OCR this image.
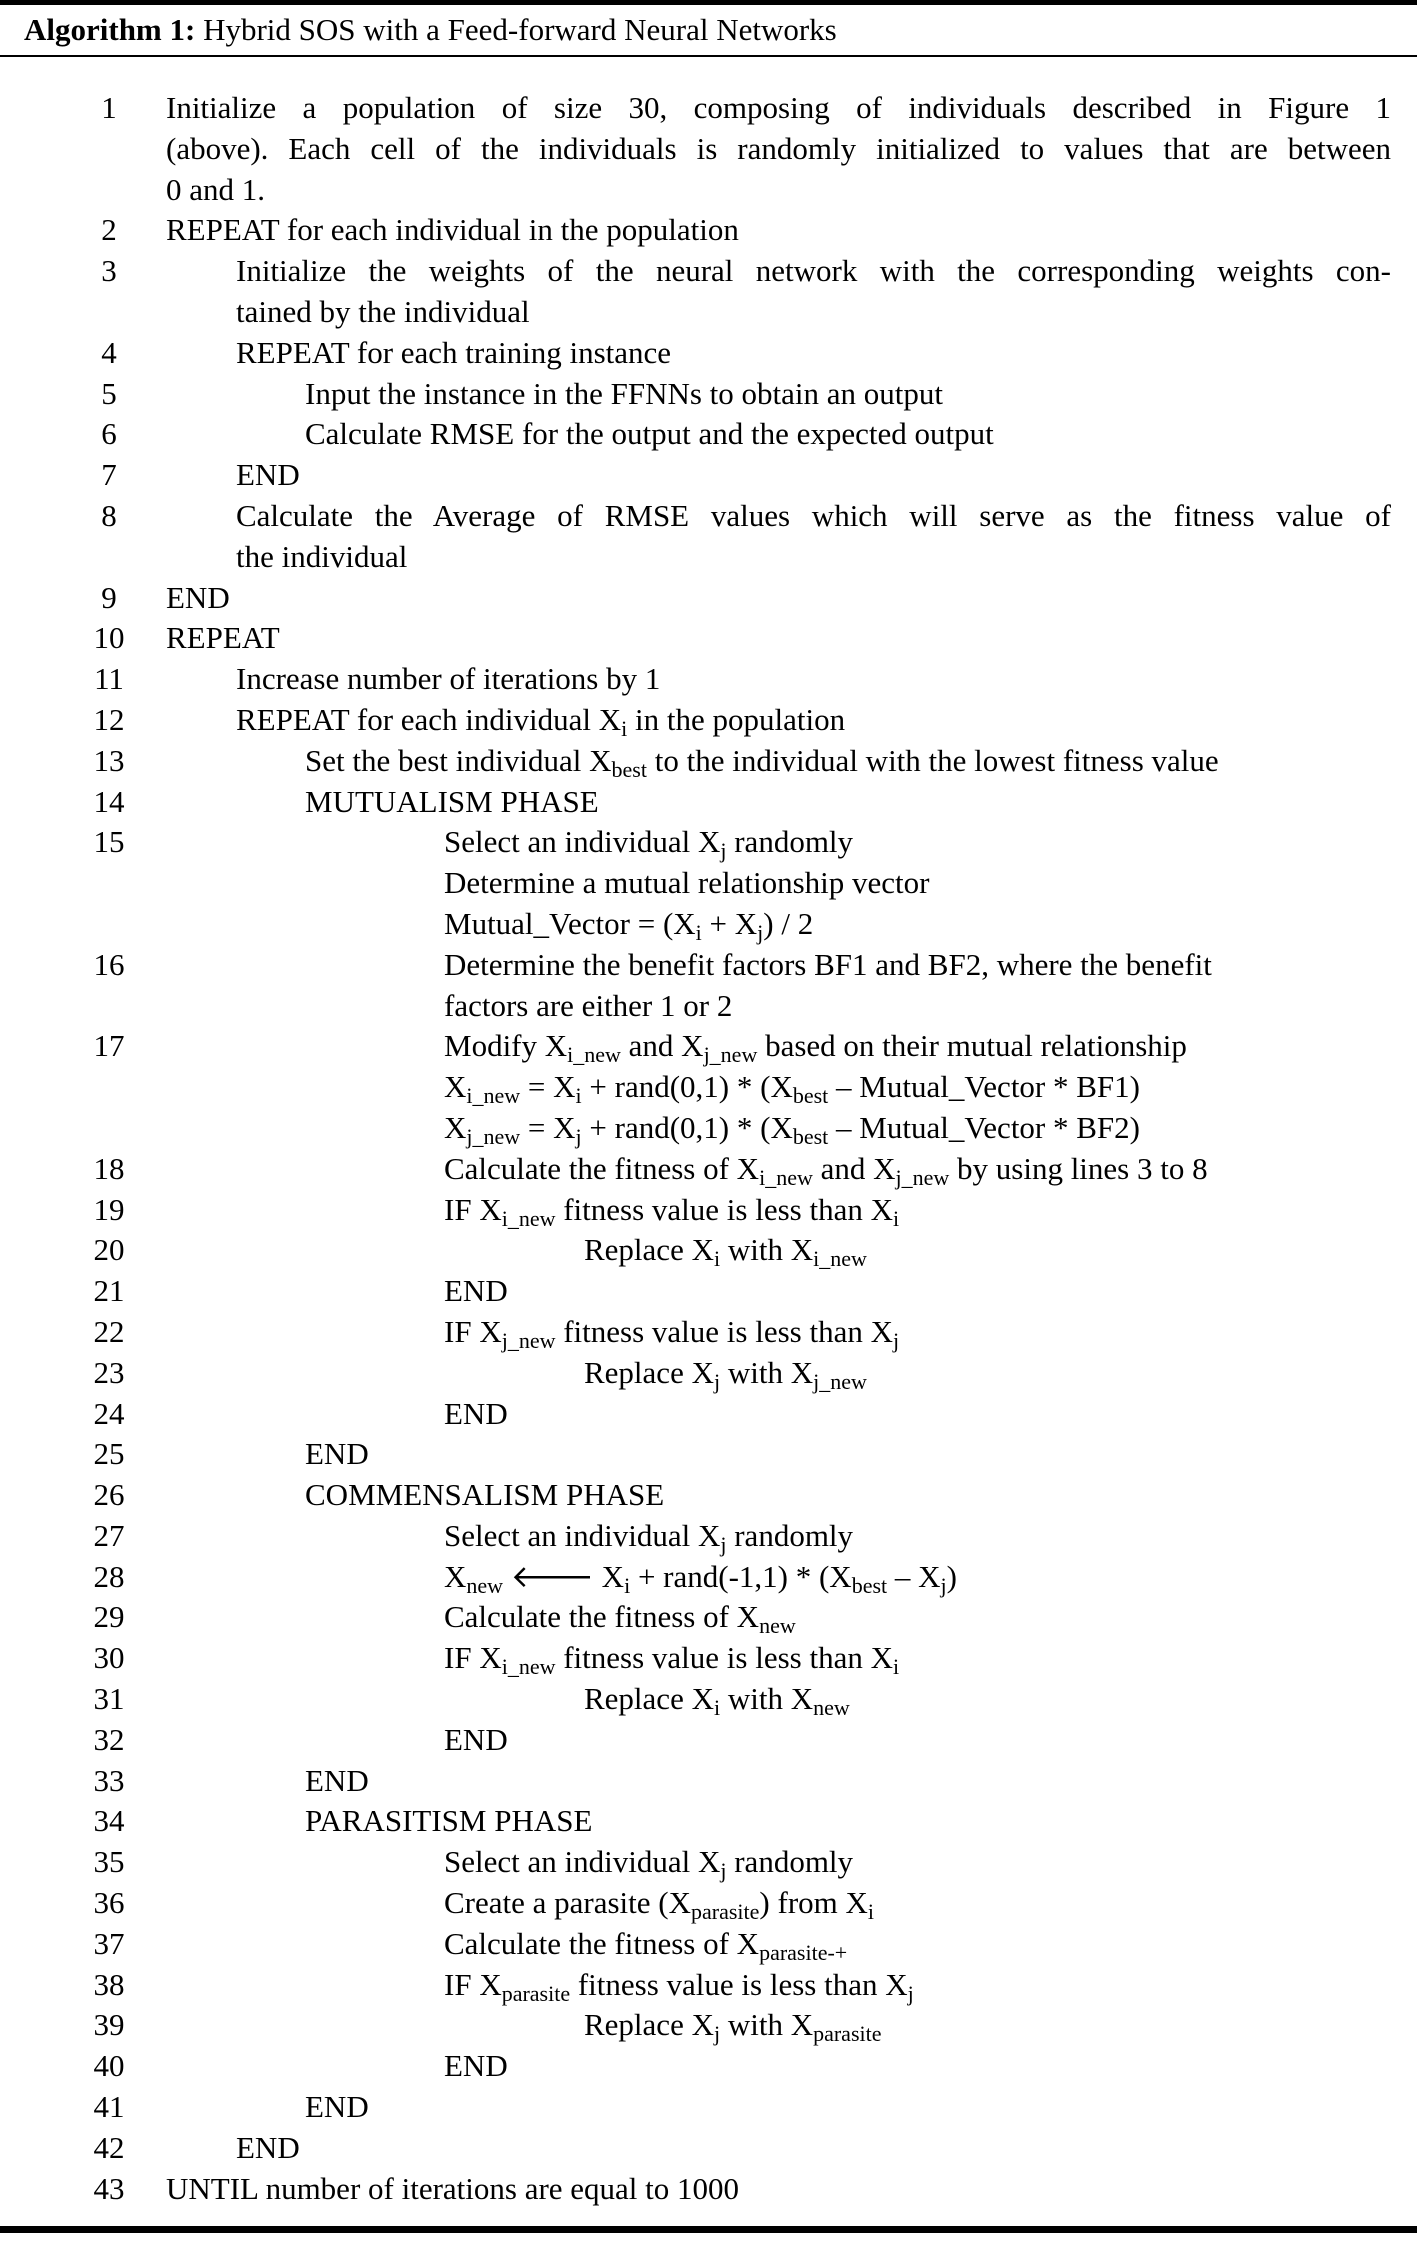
Algorithm 1: Hybrid SOS with a Feed-forward Neural Networks
1	Initialize a population of size 30, composing of individuals described in Figure 1
(above). Each cell of the individuals is randomly initialized to values that are between
0 and 1.
2	REPEAT for each individual in the population
3	Initialize the weights of the neural network with the corresponding weights con-
tained by the individual
4	REPEAT for each training instance
5	Input the instance in the FFNNs to obtain an output
6	Calculate RMSE for the output and the expected output
7	END
8	Calculate the Average of RMSE values which will serve as the fitness value of
the individual
9	END
10 REPEAT
11	Increase number of iterations by 1
12	REPEAT for each individual $X_i$ in the population
13	Set the best individual $X_{best}$ to the individual with the lowest fitness value
14	MUTUALISM PHASE
15	Select an individual $X_j$ randomly
Determine a mutual relationship vector
Mutual_Vector = $(X_i + X_j) / 2$
16	Determine the benefit factors BF1 and BF2, where the benefit
factors are either 1 or 2
17	Modify $X_{i\_new}$ and $X_{j\_new}$ based on their mutual relationship
$X_{i\_new} = X_i$ + rand(0,1) * ($X_{best}$ – Mutual_Vector * BF1)
$X_{j\_new} = X_j$ + rand(0,1) * ($X_{best}$ – Mutual_Vector * BF2)
18	Calculate the fitness of $X_{i\_new}$ and $X_{j\_new}$ by using lines 3 to 8
19	IF $X_{i\_new}$ fitness value is less than $X_i$
20	Replace $X_i$ with $X_{i\_new}$
21	END
22	IF $X_{j\_new}$ fitness value is less than $X_j$
23	Replace $X_j$ with $X_{j\_new}$
24	END
25	END
26	COMMENSALISM PHASE
27	Select an individual $X_j$ randomly
28	$X_{new}$ 🡐 $X_i$ + rand(-1,1) * $(X_{best} - X_j)$
29	Calculate the fitness of $X_{new}$
30	IF $X_{i\_new}$ fitness value is less than $X_i$
31	Replace $X_i$ with $X_{new}$
32	END
33	END
34	PARASITISM PHASE
35	Select an individual $X_j$ randomly
36	Create a parasite $(X_{parasite})$ from $X_i$
37	Calculate the fitness of $X_{parasite-+}$
38	IF $X_{parasite}$ fitness value is less than $X_j$
39	Replace $X_j$ with $X_{parasite}$
40	END
41	END
42	END
43 UNTIL number of iterations are equal to 1000
